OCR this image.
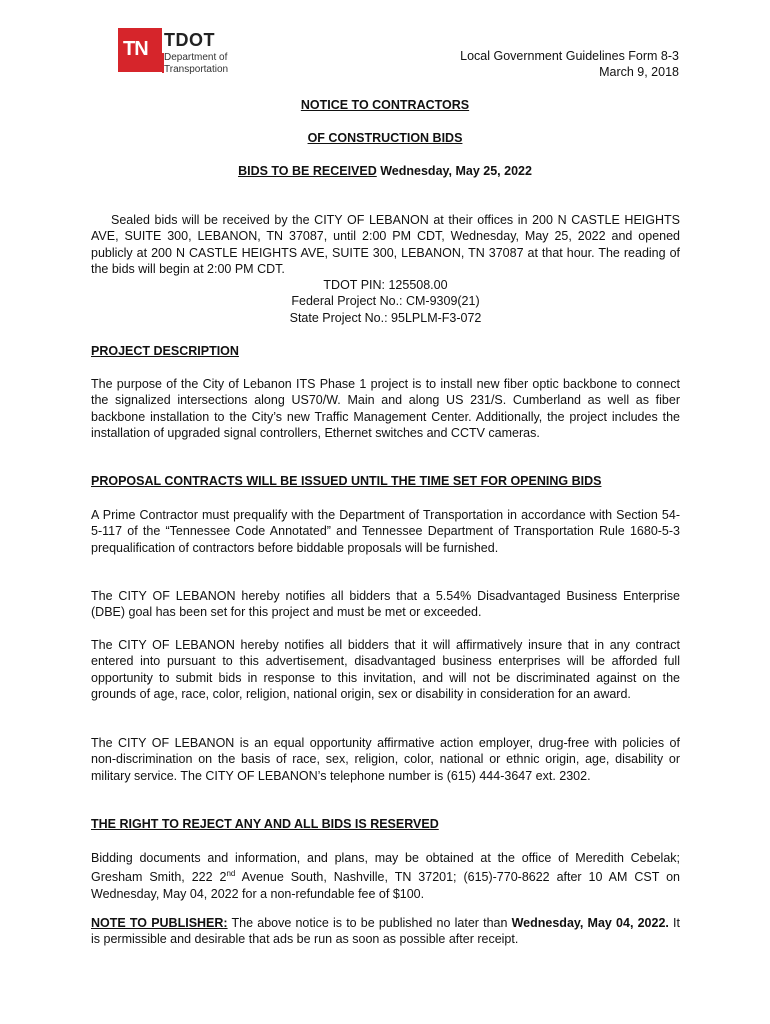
TN TDOT
Department of
Transportation
Local Government Guidelines Form 8-3
March 9, 2018
NOTICE TO CONTRACTORS
OF CONSTRUCTION BIDS
BIDS TO BE RECEIVED Wednesday, May 25, 2022
Sealed bids will be received by the CITY OF LEBANON at their offices in 200 N CASTLE HEIGHTS AVE, SUITE 300, LEBANON, TN 37087, until 2:00 PM CDT, Wednesday, May 25, 2022 and opened publicly at 200 N CASTLE HEIGHTS AVE, SUITE 300, LEBANON, TN 37087 at that hour. The reading of the bids will begin at 2:00 PM CDT.
TDOT PIN: 125508.00
Federal Project No.: CM-9309(21)
State Project No.: 95LPLM-F3-072
PROJECT DESCRIPTION
The purpose of the City of Lebanon ITS Phase 1 project is to install new fiber optic backbone to connect the signalized intersections along US70/W. Main and along US 231/S. Cumberland as well as fiber backbone installation to the City’s new Traffic Management Center. Additionally, the project includes the installation of upgraded signal controllers, Ethernet switches and CCTV cameras.
PROPOSAL CONTRACTS WILL BE ISSUED UNTIL THE TIME SET FOR OPENING BIDS
A Prime Contractor must prequalify with the Department of Transportation in accordance with Section 54-5-117 of the “Tennessee Code Annotated” and Tennessee Department of Transportation Rule 1680-5-3 prequalification of contractors before biddable proposals will be furnished.
The CITY OF LEBANON hereby notifies all bidders that a 5.54% Disadvantaged Business Enterprise (DBE) goal has been set for this project and must be met or exceeded.
The CITY OF LEBANON hereby notifies all bidders that it will affirmatively insure that in any contract entered into pursuant to this advertisement, disadvantaged business enterprises will be afforded full opportunity to submit bids in response to this invitation, and will not be discriminated against on the grounds of age, race, color, religion, national origin, sex or disability in consideration for an award.
The CITY OF LEBANON is an equal opportunity affirmative action employer, drug-free with policies of non-discrimination on the basis of race, sex, religion, color, national or ethnic origin, age, disability or military service. The CITY OF LEBANON’s telephone number is (615) 444-3647 ext. 2302.
THE RIGHT TO REJECT ANY AND ALL BIDS IS RESERVED
Bidding documents and information, and plans, may be obtained at the office of Meredith Cebelak; Gresham Smith, 222 2nd Avenue South, Nashville, TN 37201; (615)-770-8622 after 10 AM CST on Wednesday, May 04, 2022 for a non-refundable fee of $100.
NOTE TO PUBLISHER: The above notice is to be published no later than Wednesday, May 04, 2022. It is permissible and desirable that ads be run as soon as possible after receipt.
